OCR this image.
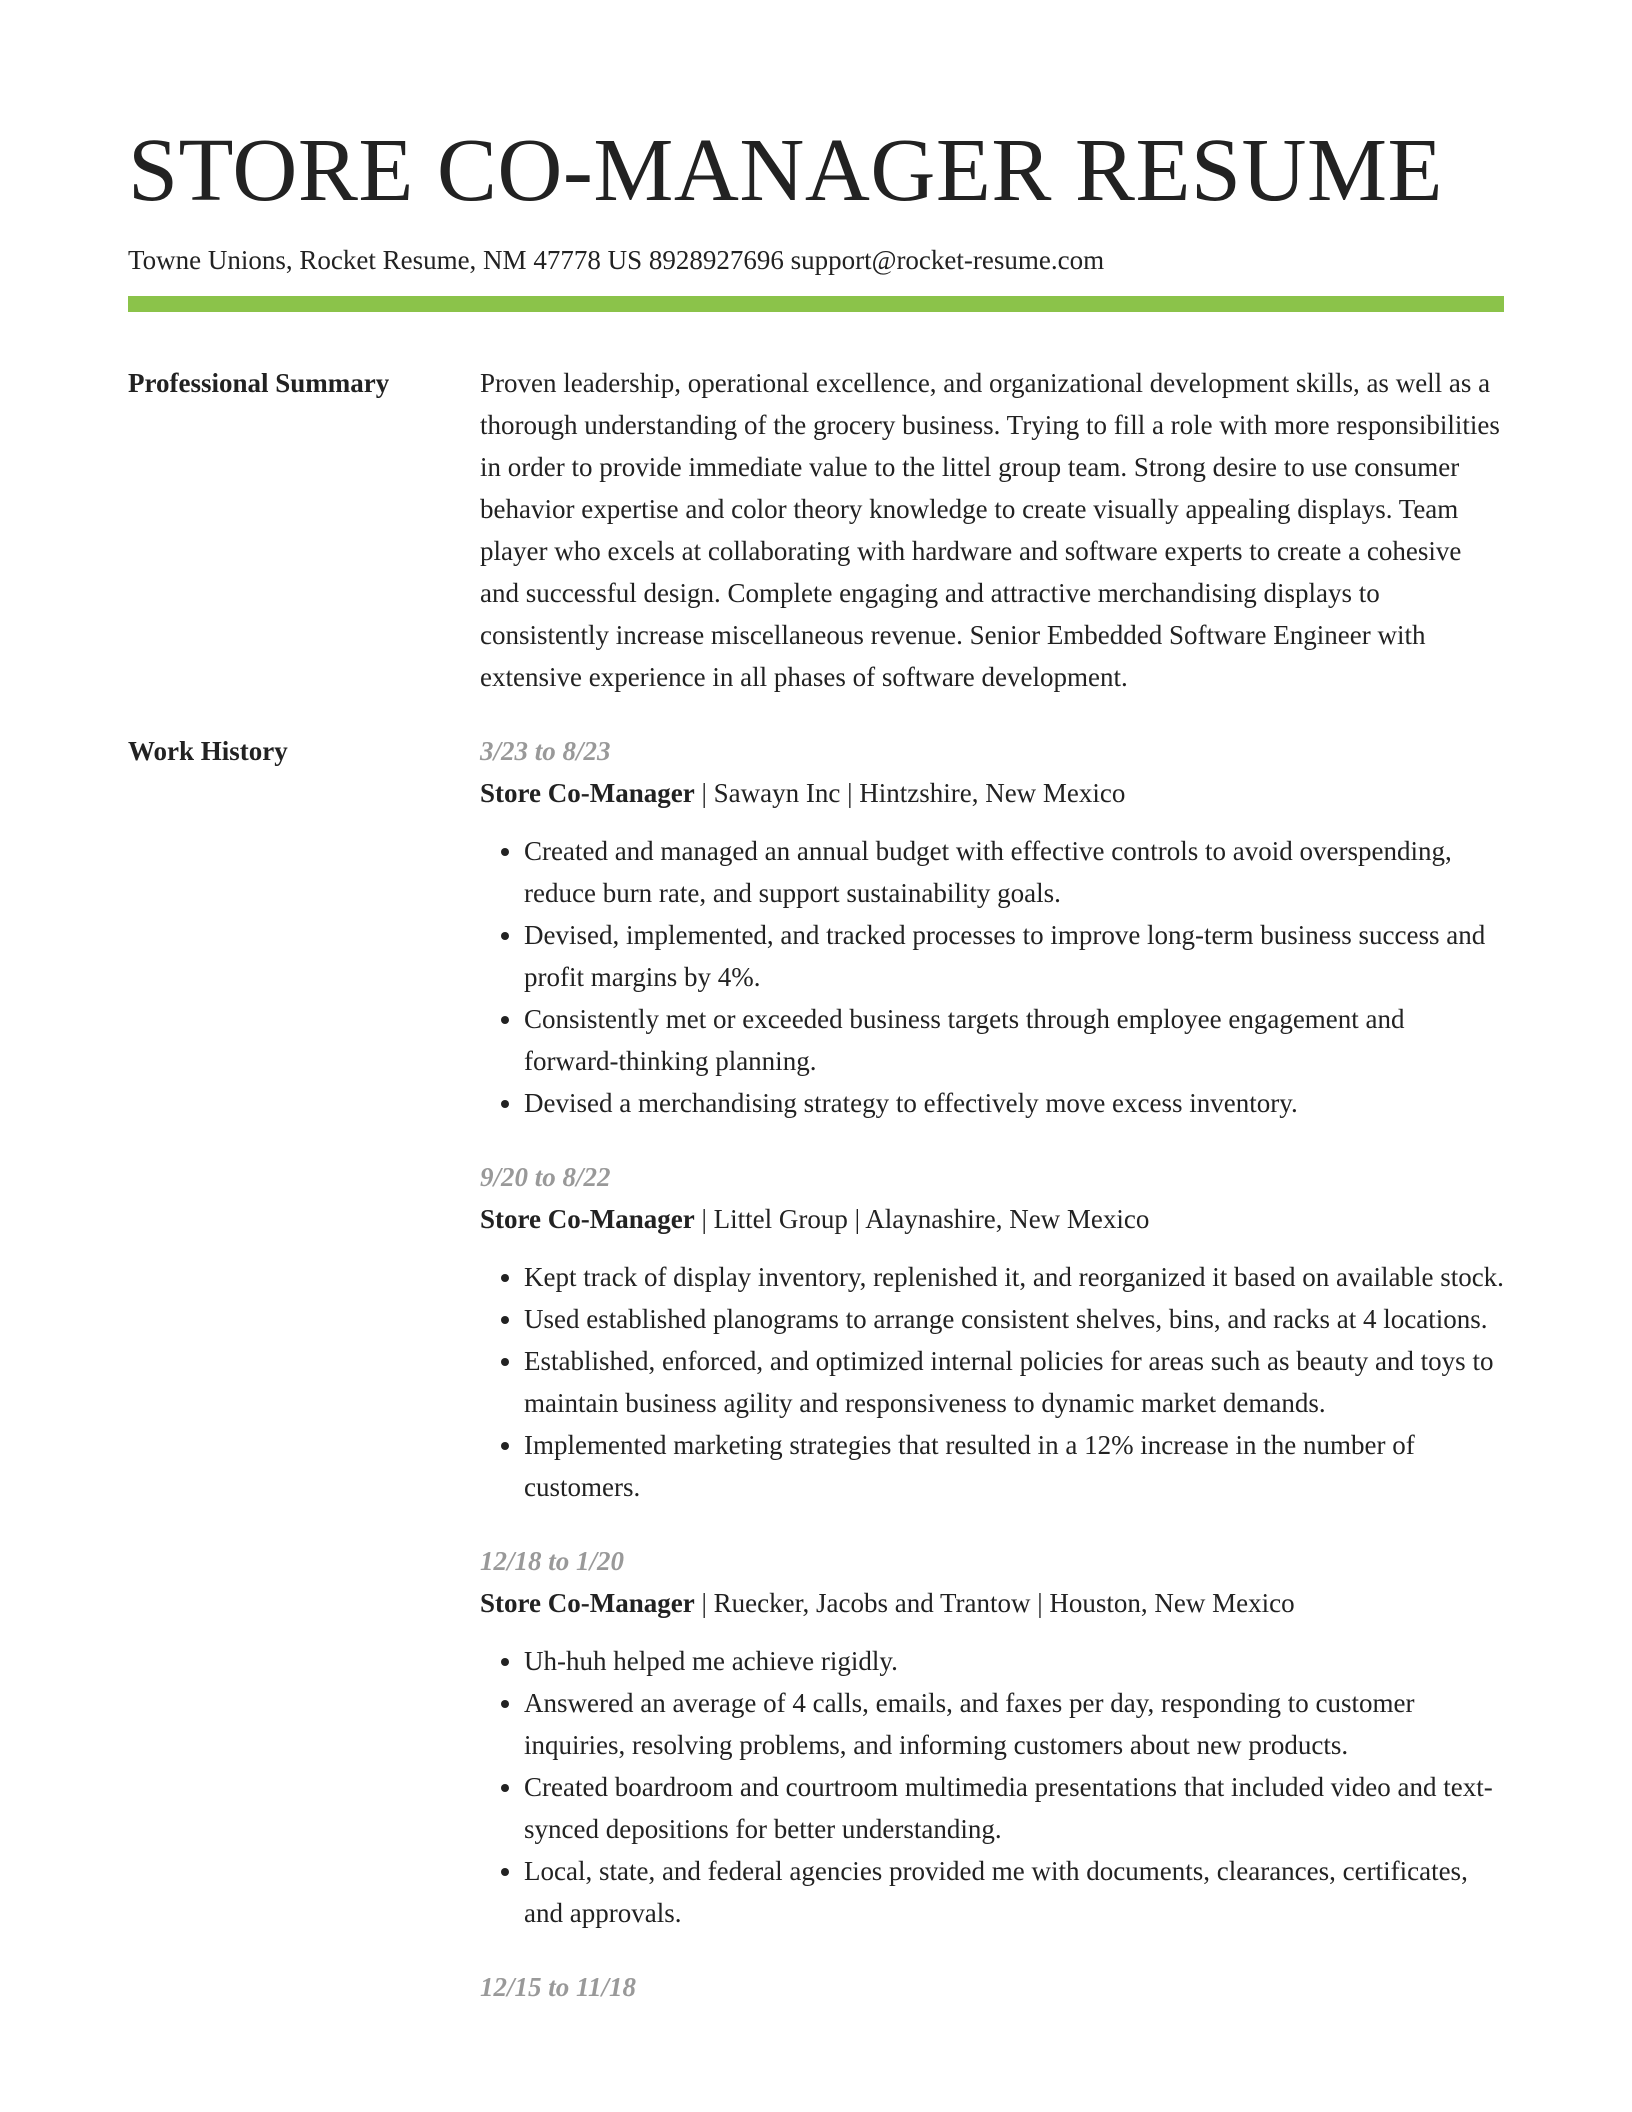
STORE CO-MANAGER RESUME
Towne Unions, Rocket Resume, NM 47778 US 8928927696 support@rocket-resume.com
Professional Summary	Proven leadership, operational excellence, and organizational development skills, as well as a thorough understanding of the grocery business. Trying to fill a role with more responsibilities in order to provide immediate value to the littel group team. Strong desire to use consumer behavior expertise and color theory knowledge to create visually appealing displays. Team player who excels at collaborating with hardware and software experts to create a cohesive and successful design. Complete engaging and attractive merchandising displays to consistently increase miscellaneous revenue. Senior Embedded Software Engineer with extensive experience in all phases of software development.

Work History	3/23 to 8/23
Store Co-Manager | Sawayn Inc | Hintzshire, New Mexico
• Created and managed an annual budget with effective controls to avoid overspending, reduce burn rate, and support sustainability goals.
• Devised, implemented, and tracked processes to improve long-term business success and profit margins by 4%.
• Consistently met or exceeded business targets through employee engagement and forward-thinking planning.
• Devised a merchandising strategy to effectively move excess inventory.
9/20 to 8/22
Store Co-Manager | Littel Group | Alaynashire, New Mexico
• Kept track of display inventory, replenished it, and reorganized it based on available stock.
• Used established planograms to arrange consistent shelves, bins, and racks at 4 locations.
• Established, enforced, and optimized internal policies for areas such as beauty and toys to maintain business agility and responsiveness to dynamic market demands.
• Implemented marketing strategies that resulted in a 12% increase in the number of customers.
12/18 to 1/20
Store Co-Manager | Ruecker, Jacobs and Trantow | Houston, New Mexico
• Uh-huh helped me achieve rigidly.
• Answered an average of 4 calls, emails, and faxes per day, responding to customer inquiries, resolving problems, and informing customers about new products.
• Created boardroom and courtroom multimedia presentations that included video and text-synced depositions for better understanding.
• Local, state, and federal agencies provided me with documents, clearances, certificates, and approvals.
12/15 to 11/18
